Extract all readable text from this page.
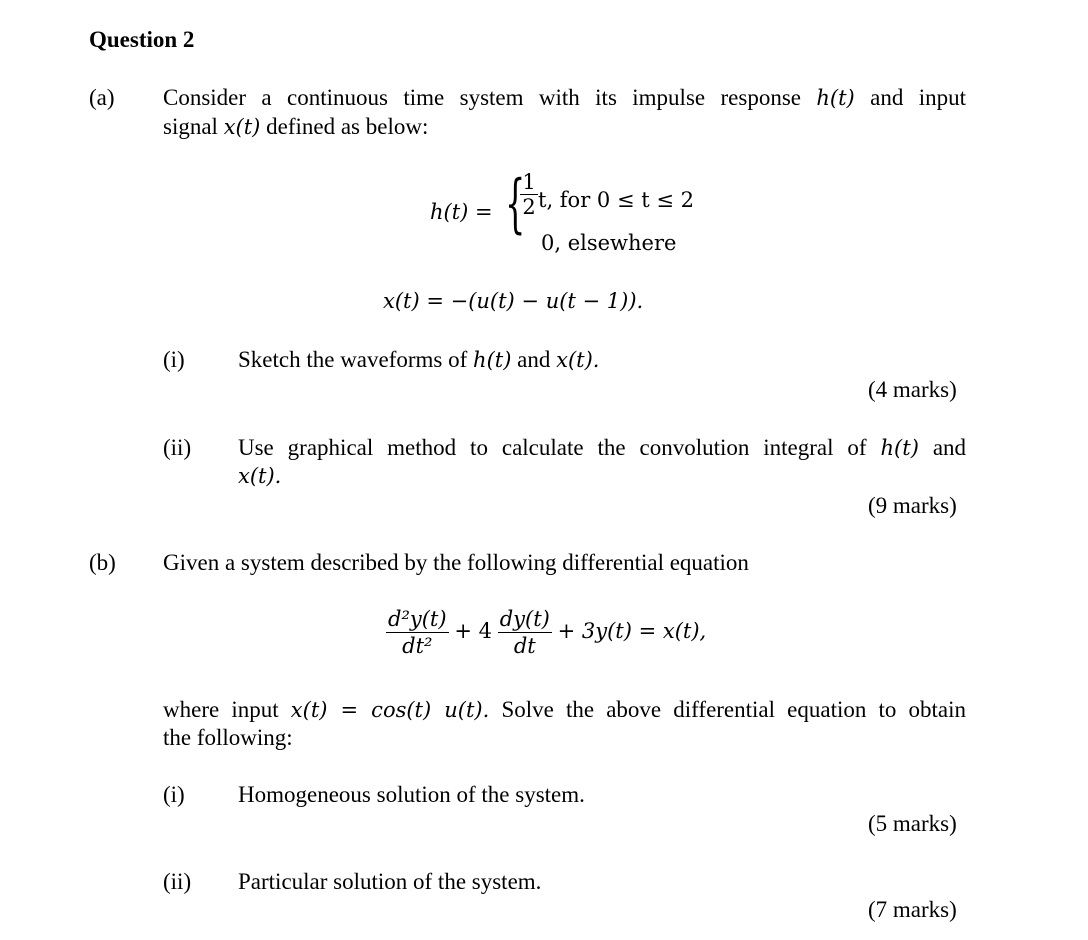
Question 2
(a) Consider a continuous time system with its impulse response h(t) and input
signal x(t) defined as below:
h(t) = {
$\frac{1}{2} t$, for 0 ≤ t ≤ 2
0, elsewhere
x(t) = −(u(t) − u(t − 1)).
(i) Sketch the waveforms of h(t) and x(t).
(4 marks)
(ii) Use graphical method to calculate the convolution integral of h(t) and
x(t).
(9 marks)
(b) Given a system described by the following differential equation
$\frac{\text{d²y(t)}}{\text{dt²}} + 4 \frac{dy(t)}{dt} + 3y(t) = x(t)$,
where input x(t) = cos(t) u(t). Solve the above differential equation to obtain
the following:
(i) Homogeneous solution of the system.
(5 marks)
(ii) Particular solution of the system.
(7 marks)
